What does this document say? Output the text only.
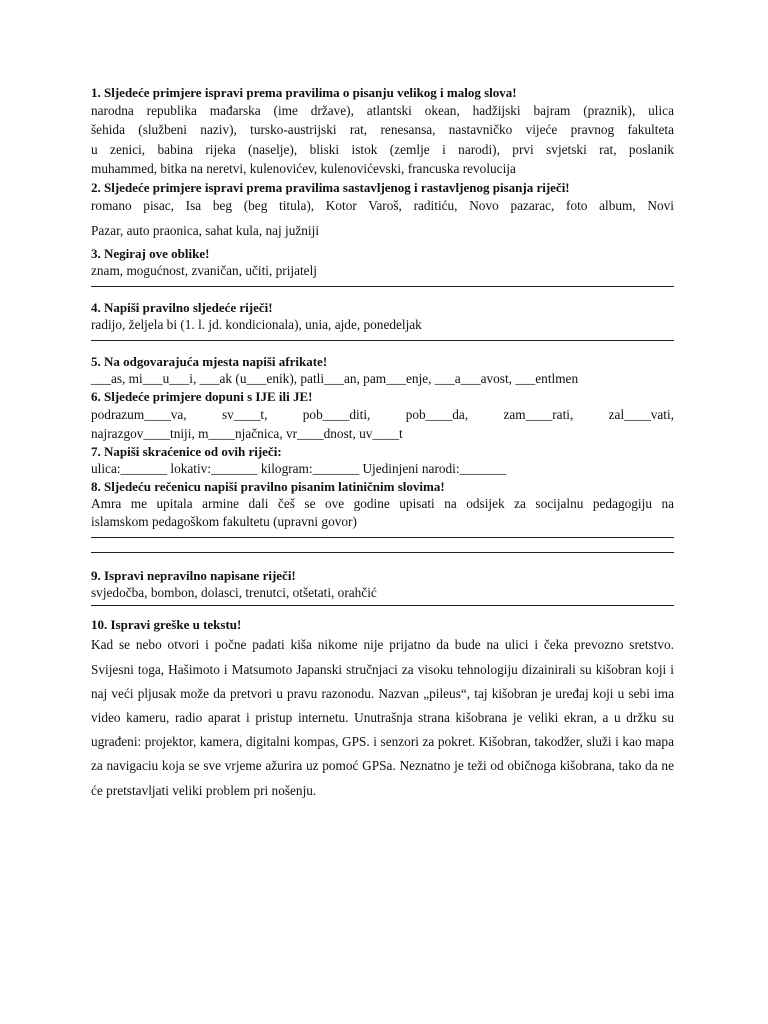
1. Sljedeće primjere ispravi prema pravilima o pisanju velikog i malog slova!

narodna republika mađarska (ime države), atlantski okean, hadžijski bajram (praznik), ulica

šehida (službeni naziv), tursko-austrijski rat, renesansa, nastavničko vijeće pravnog fakulteta

u zenici, babina rijeka (naselje), bliski istok (zemlje i narodi), prvi svjetski rat, poslanik

muhammed, bitka na neretvi, kulenovićev, kulenovićevski, francuska revolucija

2. Sljedeće primjere ispravi prema pravilima sastavljenog i rastavljenog pisanja riječi!

romano pisac, Isa beg (beg titula), Kotor Varoš, raditiću, Novo pazarac, foto album, Novi

Pazar, auto praonica, sahat kula, naj južniji

3. Negiraj ove oblike!

znam, mogućnost, zvaničan, učiti, prijatelj

4. Napiši pravilno sljedeće riječi!

radijo, željela bi (1. l. jd. kondicionala), unia, ajde, ponedeljak

5. Na odgovarajuća mjesta napiši afrikate!

___as, mi___u___i, ___ak (u___enik), patli___an, pam___enje, ___a___avost, ___entlmen

6. Sljedeće primjere dopuni s IJE ili JE!

podrazum____va, sv____t, pob____diti, pob____da, zam____rati, zal____vati,

najrazgov____tniji, m____njačnica, vr____dnost, uv____t

7. Napiši skraćenice od ovih riječi:

ulica:_______ lokativ:_______ kilogram:_______ Ujedinjeni narodi:_______

8. Sljedeću rečenicu napiši pravilno pisanim latiničnim slovima!

Amra me upitala armine dali češ se ove godine upisati na odsijek za socijalnu pedagogiju na

islamskom pedagoškom fakultetu (upravni govor)

9. Ispravi nepravilno napisane riječi!

svjedočba, bombon, dolasci, trenutci, otšetati, orahčić

10. Ispravi greške u tekstu!

Kad se nebo otvori i počne padati kiša nikome nije prijatno da bude na ulici i čeka prevozno sretstvo. Svijesni toga, Hašimoto i Matsumoto Japanski stručnjaci za visoku tehnologiju dizainirali su kišobran koji i naj veći pljusak može da pretvori u pravu razonodu. Nazvan „pileus“, taj kišobran je uređaj koji u sebi ima video kameru, radio aparat i pristup internetu. Unutrašnja strana kišobrana je veliki ekran, a u držku su ugrađeni: projektor, kamera, digitalni kompas, GPS. i senzori za pokret. Kišobran, takodžer, služi i kao mapa za navigaciu koja se sve vrjeme ažurira uz pomoć GPSa. Neznatno je teži od običnoga kišobrana, tako da ne će pretstavljati veliki problem pri nošenju.
